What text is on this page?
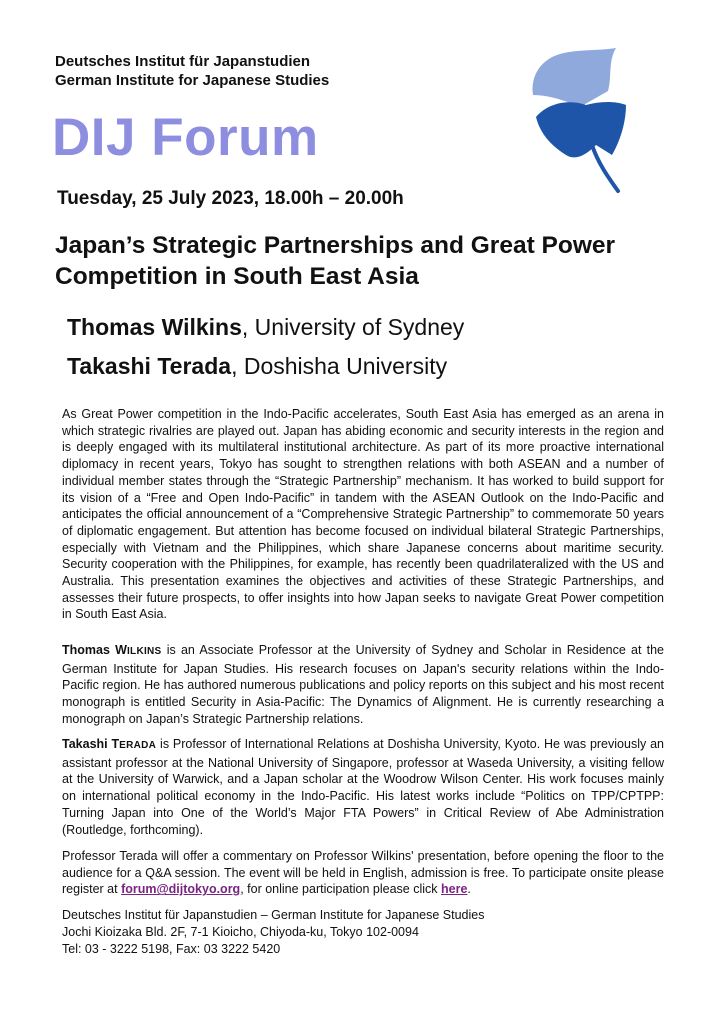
Deutsches Institut für Japanstudien
German Institute for Japanese Studies
DIJ Forum
Tuesday, 25 July 2023, 18.00h – 20.00h
Japan’s Strategic Partnerships and Great Power Competition in South East Asia
Thomas Wilkins, University of Sydney
Takashi Terada, Doshisha University
As Great Power competition in the Indo-Pacific accelerates, South East Asia has emerged as an arena in which strategic rivalries are played out. Japan has abiding economic and security interests in the region and is deeply engaged with its multilateral institutional architecture. As part of its more proactive international diplomacy in recent years, Tokyo has sought to strengthen relations with both ASEAN and a number of individual member states through the “Strategic Partnership” mechanism. It has worked to build support for its vision of a “Free and Open Indo-Pacific” in tandem with the ASEAN Outlook on the Indo-Pacific and anticipates the official announcement of a “Comprehensive Strategic Partnership” to commemorate 50 years of diplomatic engagement. But attention has become focused on individual bilateral Strategic Partnerships, especially with Vietnam and the Philippines, which share Japanese concerns about maritime security. Security cooperation with the Philippines, for example, has recently been quadrilateralized with the US and Australia. This presentation examines the objectives and activities of these Strategic Partnerships, and assesses their future prospects, to offer insights into how Japan seeks to navigate Great Power competition in South East Asia.
Thomas WILKINS is an Associate Professor at the University of Sydney and Scholar in Residence at the German Institute for Japan Studies. His research focuses on Japan's security relations within the Indo-Pacific region. He has authored numerous publications and policy reports on this subject and his most recent monograph is entitled Security in Asia-Pacific: The Dynamics of Alignment. He is currently researching a monograph on Japan’s Strategic Partnership relations.
Takashi TERADA is Professor of International Relations at Doshisha University, Kyoto. He was previously an assistant professor at the National University of Singapore, professor at Waseda University, a visiting fellow at the University of Warwick, and a Japan scholar at the Woodrow Wilson Center. His work focuses mainly on international political economy in the Indo-Pacific. His latest works include “Politics on TPP/CPTPP: Turning Japan into One of the World’s Major FTA Powers” in Critical Review of Abe Administration (Routledge, forthcoming).
Professor Terada will offer a commentary on Professor Wilkins' presentation, before opening the floor to the audience for a Q&A session. The event will be held in English, admission is free. To participate onsite please register at forum@dijtokyo.org, for online participation please click here.
Deutsches Institut für Japanstudien – German Institute for Japanese Studies
Jochi Kioizaka Bld. 2F, 7-1 Kioicho, Chiyoda-ku, Tokyo 102-0094
Tel: 03 - 3222 5198, Fax: 03 3222 5420
